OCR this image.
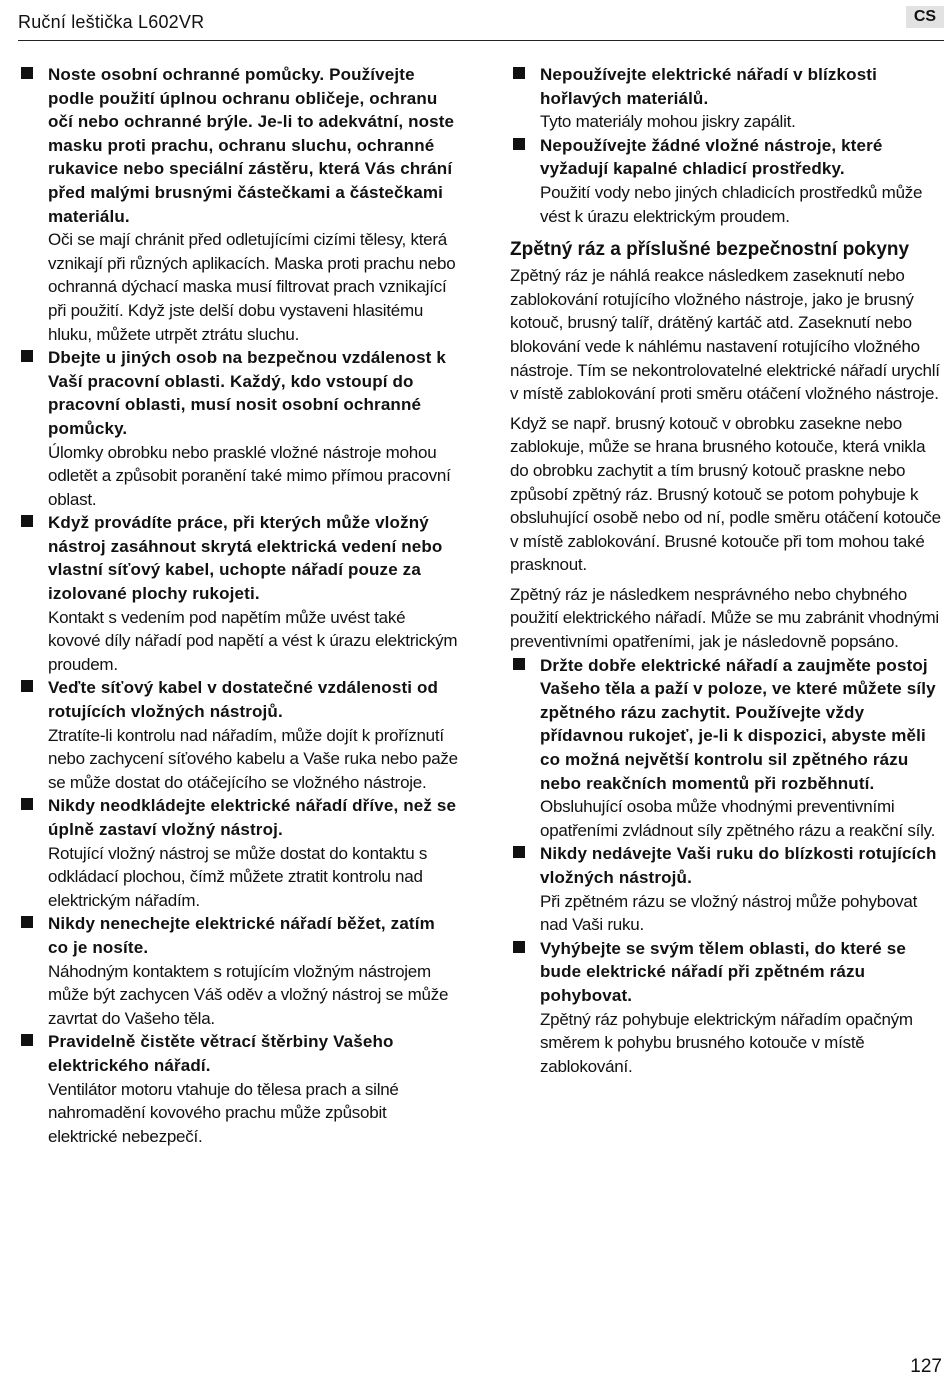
Ruční leštička L602VR	CS
Noste osobní ochranné pomůcky. Používejte podle použití úplnou ochranu obličeje, ochranu očí nebo ochranné brýle. Je-li to adekvátní, noste masku proti prachu, ochranu sluchu, ochranné rukavice nebo speciální zástěru, která Vás chrání před malými brusnými částečkami a částečkami materiálu.
Oči se mají chránit před odletujícími cizími tělesy, která vznikají při různých aplikacích. Maska proti prachu nebo ochranná dýchací maska musí filtrovat prach vznikající při použití. Když jste delší dobu vystaveni hlasitému hluku, můžete utrpět ztrátu sluchu.
Dbejte u jiných osob na bezpečnou vzdálenost k Vaší pracovní oblasti. Každý, kdo vstoupí do pracovní oblasti, musí nosit osobní ochranné pomůcky.
Úlomky obrobku nebo prasklé vložné nástroje mohou odletět a způsobit poranění také mimo přímou pracovní oblast.
Když provádíte práce, při kterých může vložný nástroj zasáhnout skrytá elektrická vedení nebo vlastní síťový kabel, uchopte nářadí pouze za izolované plochy rukojeti.
Kontakt s vedením pod napětím může uvést také kovové díly nářadí pod napětí a vést k úrazu elektrickým proudem.
Veďte síťový kabel v dostatečné vzdálenosti od rotujících vložných nástrojů.
Ztratíte-li kontrolu nad nářadím, může dojít k proříznutí nebo zachycení síťového kabelu a Vaše ruka nebo paže se může dostat do otáčejícího se vložného nástroje.
Nikdy neodkládejte elektrické nářadí dříve, než se úplně zastaví vložný nástroj.
Rotující vložný nástroj se může dostat do kontaktu s odkládací plochou, čímž můžete ztratit kontrolu nad elektrickým nářadím.
Nikdy nenechejte elektrické nářadí běžet, zatím co je nosíte.
Náhodným kontaktem s rotujícím vložným nástrojem může být zachycen Váš oděv a vložný nástroj se může zavrtat do Vašeho těla.
Pravidelně čistěte větrací štěrbiny Vašeho elektrického nářadí.
Ventilátor motoru vtahuje do tělesa prach a silné nahromadění kovového prachu může způsobit elektrické nebezpečí.
Nepoužívejte elektrické nářadí v blízkosti hořlavých materiálů.
Tyto materiály mohou jiskry zapálit.
Nepoužívejte žádné vložné nástroje, které vyžadují kapalné chladicí prostředky.
Použití vody nebo jiných chladicích prostředků může vést k úrazu elektrickým proudem.
Zpětný ráz a příslušné bezpečnostní pokyny
Zpětný ráz je náhlá reakce následkem zaseknutí nebo zablokování rotujícího vložného nástroje, jako je brusný kotouč, brusný talíř, drátěný kartáč atd. Zaseknutí nebo blokování vede k náhlému nastavení rotujícího vložného nástroje. Tím se nekontrolovatelné elektrické nářadí urychlí v místě zablokování proti směru otáčení vložného nástroje.
Když se např. brusný kotouč v obrobku zasekne nebo zablokuje, může se hrana brusného kotouče, která vnikla do obrobku zachytit a tím brusný kotouč praskne nebo způsobí zpětný ráz. Brusný kotouč se potom pohybuje k obsluhující osobě nebo od ní, podle směru otáčení kotouče v místě zablokování. Brusné kotouče při tom mohou také prasknout.
Zpětný ráz je následkem nesprávného nebo chybného použití elektrického nářadí. Může se mu zabránit vhodnými preventivními opatřeními, jak je následovně popsáno.
Držte dobře elektrické nářadí a zaujměte postoj Vašeho těla a paží v poloze, ve které můžete síly zpětného rázu zachytit. Používejte vždy přídavnou rukojeť, je-li k dispozici, abyste měli co možná největší kontrolu sil zpětného rázu nebo reakčních momentů při rozběhnutí.
Obsluhující osoba může vhodnými preventivními opatřeními zvládnout síly zpětného rázu a reakční síly.
Nikdy nedávejte Vaši ruku do blízkosti rotujících vložných nástrojů.
Při zpětném rázu se vložný nástroj může pohybovat nad Vaši ruku.
Vyhýbejte se svým tělem oblasti, do které se bude elektrické nářadí při zpětném rázu pohybovat.
Zpětný ráz pohybuje elektrickým nářadím opačným směrem k pohybu brusného kotouče v místě zablokování.
127
